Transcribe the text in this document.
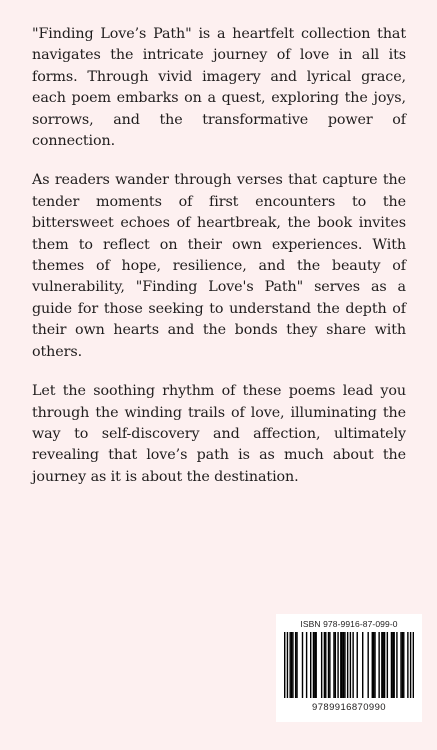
"Finding Love’s Path" is a heartfelt collection that navigates the intricate journey of love in all its forms. Through vivid imagery and lyrical grace, each poem embarks on a quest, exploring the joys, sorrows, and the transformative power of connection.

As readers wander through verses that capture the tender moments of first encounters to the bittersweet echoes of heartbreak, the book invites them to reflect on their own experiences. With themes of hope, resilience, and the beauty of vulnerability, "Finding Love's Path" serves as a guide for those seeking to understand the depth of their own hearts and the bonds they share with others.

Let the soothing rhythm of these poems lead you through the winding trails of love, illuminating the way to self-discovery and affection, ultimately revealing that love’s path is as much about the journey as it is about the destination.

ISBN 978-9916-87-099-0
9789916870990
